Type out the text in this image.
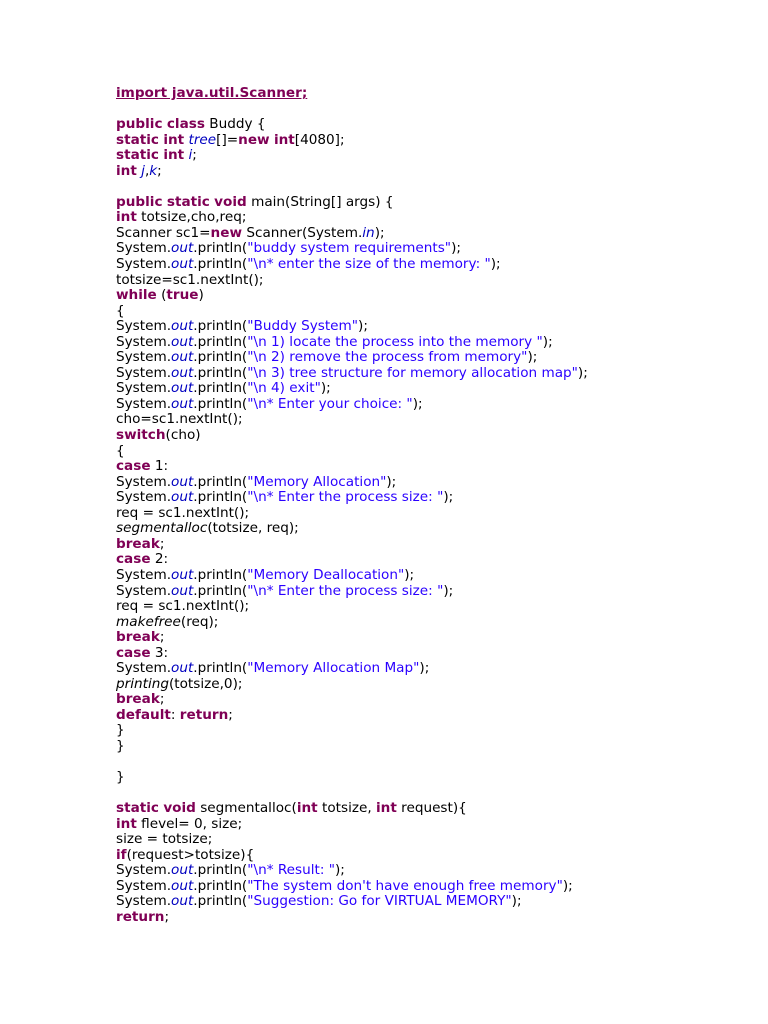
import java.util.Scanner;
public class Buddy {
static int tree[]=new int[4080];
static int i;
int j,k;
public static void main(String[] args) {
int totsize,cho,req;
Scanner sc1=new Scanner(System.in);
System.out.println("buddy system requirements");
System.out.println("\n* enter the size of the memory: ");
totsize=sc1.nextInt();
while (true)
{
System.out.println("Buddy System");
System.out.println("\n 1) locate the process into the memory ");
System.out.println("\n 2) remove the process from memory");
System.out.println("\n 3) tree structure for memory allocation map");
System.out.println("\n 4) exit");
System.out.println("\n* Enter your choice: ");
cho=sc1.nextInt();
switch(cho)
{
case 1:
System.out.println("Memory Allocation");
System.out.println("\n* Enter the process size: ");
req = sc1.nextInt();
segmentalloc(totsize, req);
break;
case 2:
System.out.println("Memory Deallocation");
System.out.println("\n* Enter the process size: ");
req = sc1.nextInt();
makefree(req);
break;
case 3:
System.out.println("Memory Allocation Map");
printing(totsize,0);
break;
default: return;
}
}
}
static void segmentalloc(int totsize, int request){
int flevel= 0, size;
size = totsize;
if(request>totsize){
System.out.println("\n* Result: ");
System.out.println("The system don't have enough free memory");
System.out.println("Suggestion: Go for VIRTUAL MEMORY");
return;
